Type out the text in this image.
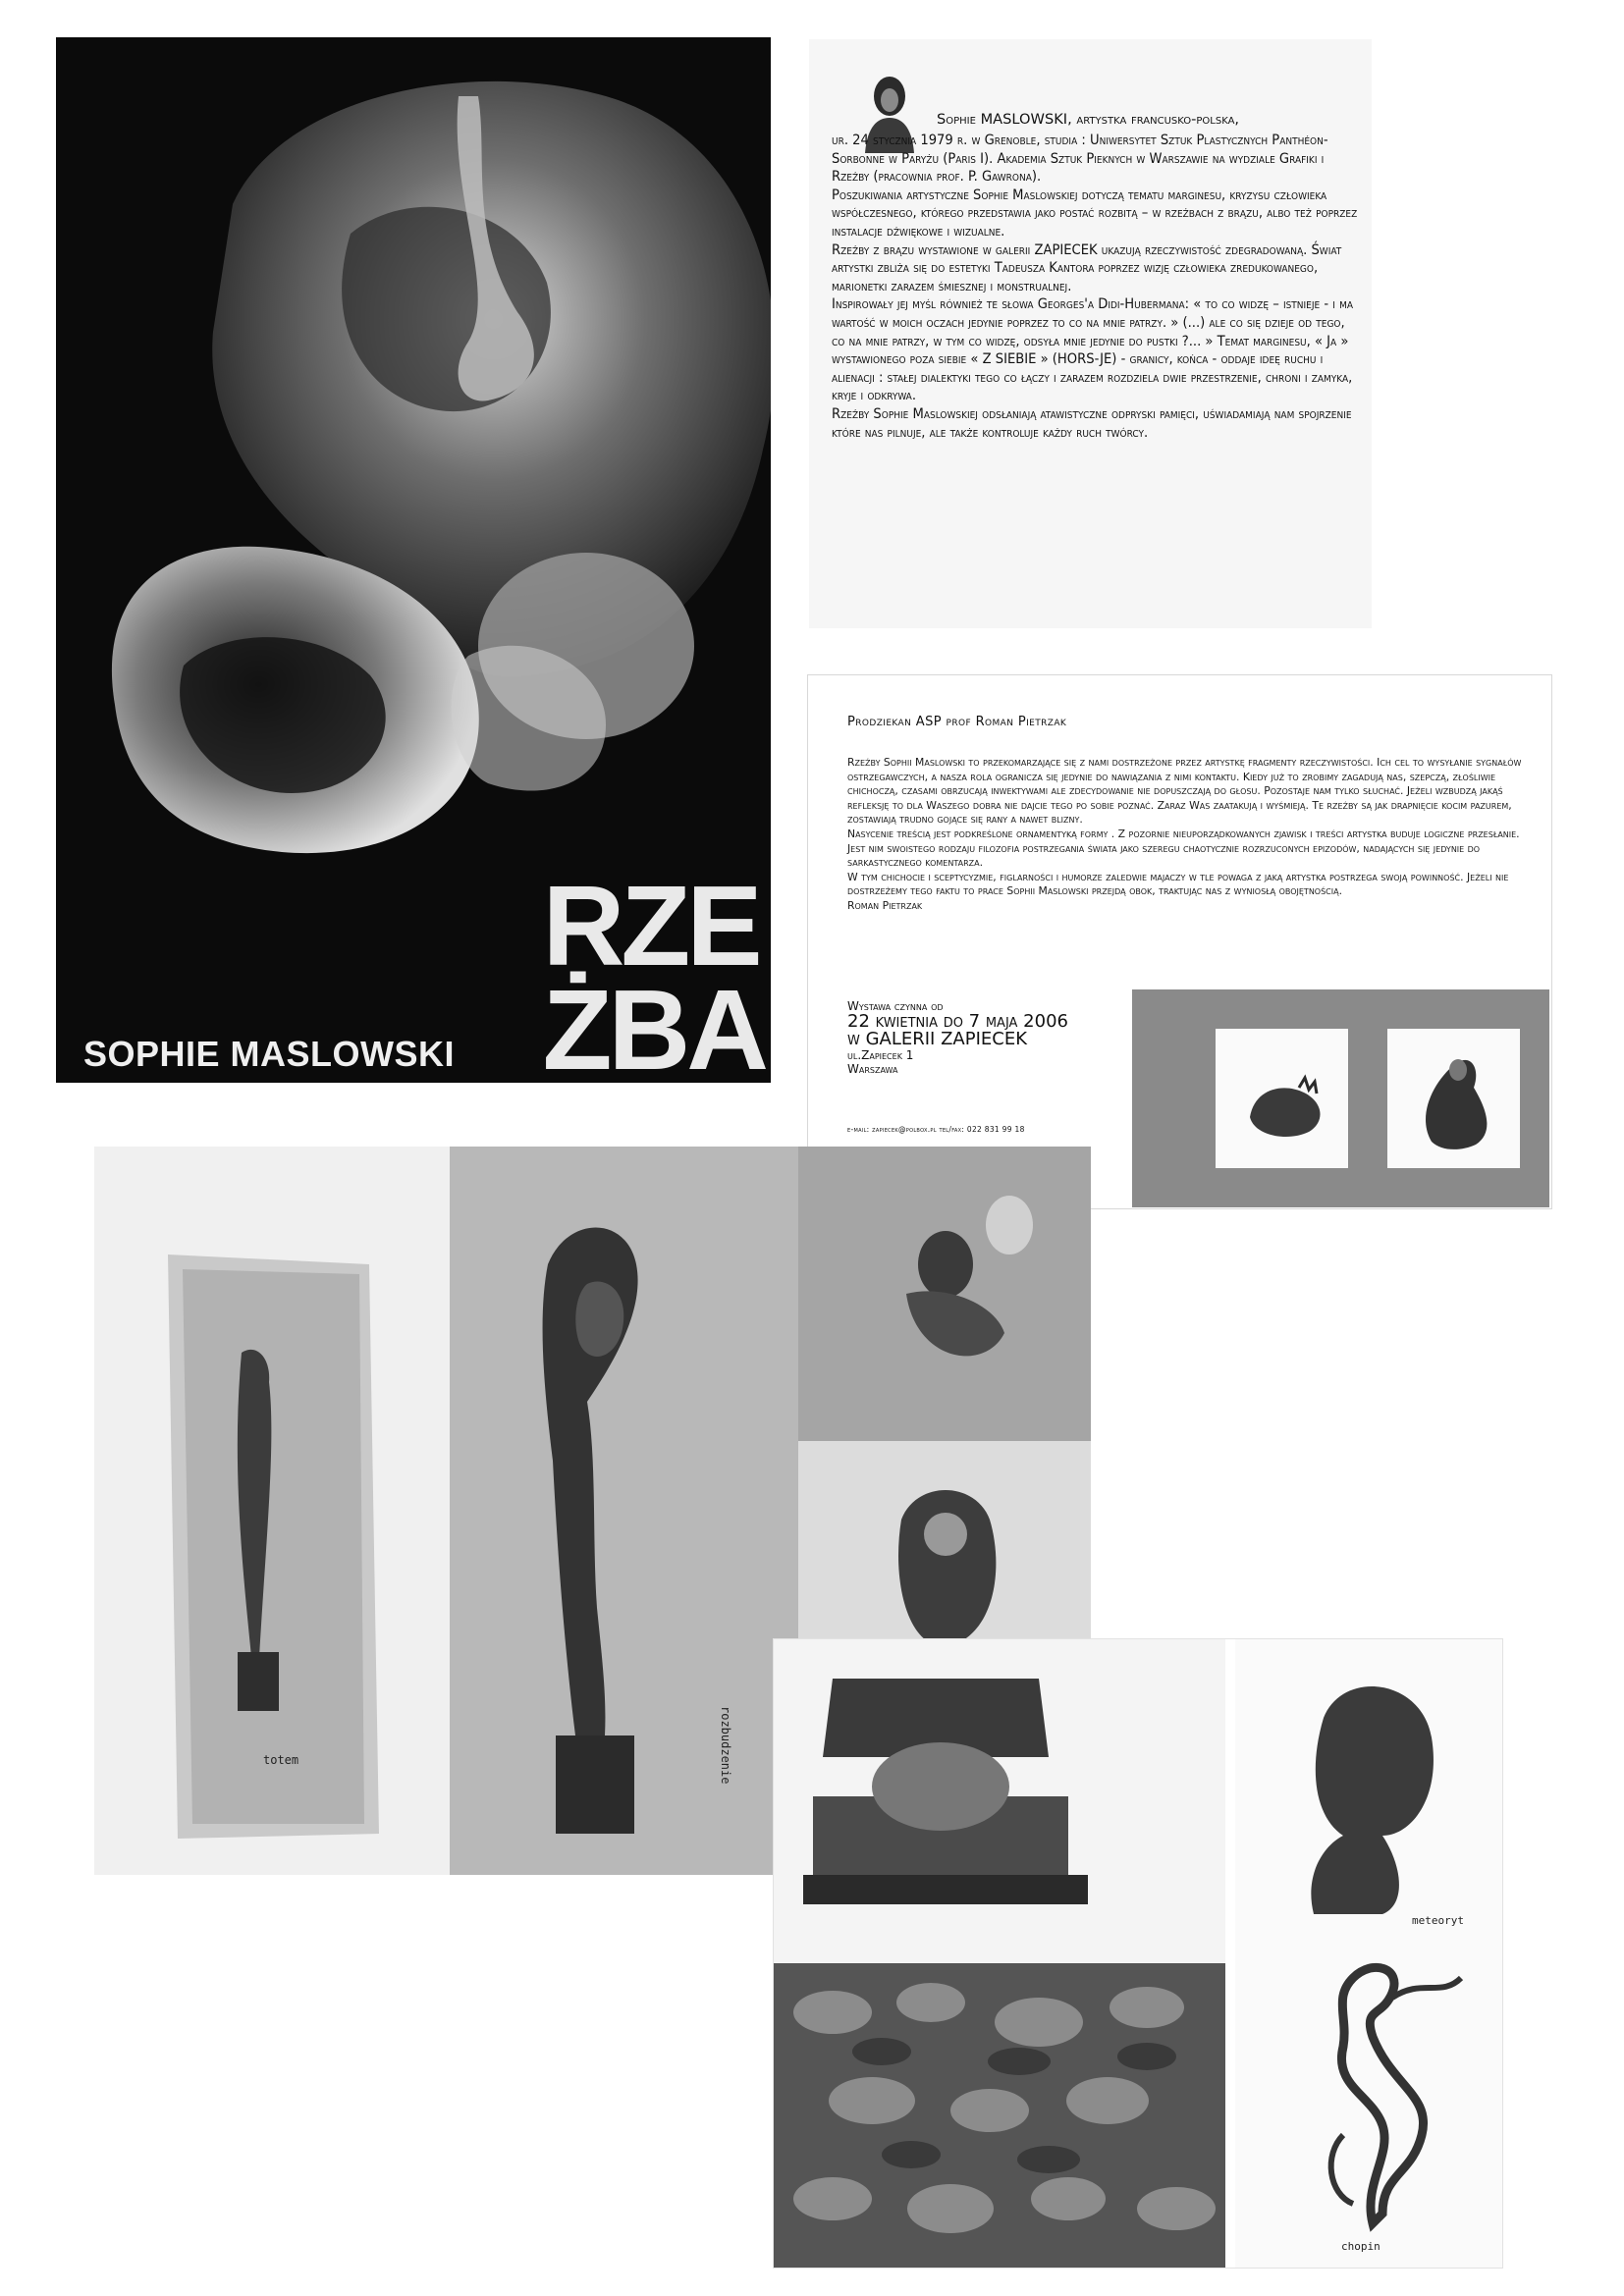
RZE
ŻBA
SOPHIE MASLOWSKI
Sophie MASLOWSKI, artystka francusko-polska,

ur. 24 stycznia 1979 r. w Grenoble, studia : Uniwersytet Sztuk Plastycznych Panthéon-Sorbonne w Paryżu (Paris I). Akademia Sztuk Pieknych w Warszawie na wydziale Grafiki i Rzeźby (pracownia prof. P. Gawrona).

Poszukiwania artystyczne Sophie Maslowskiej dotyczą tematu marginesu, kryzysu człowieka współczesnego, którego przedstawia jako postać rozbitą – w rzeźbach z brązu, albo też poprzez instalacje dźwiękowe i wizualne.

Rzeźby z brązu wystawione w galerii ZAPIECEK ukazują rzeczywistość zdegradowaną. Świat artystki zbliża się do estetyki Tadeusza Kantora poprzez wizję człowieka zredukowanego, marionetki zarazem śmiesznej i monstrualnej.

Inspirowały jej myśl również te słowa Georges'a Didi-Hubermana: « to co widzę – istnieje - i ma wartość w moich oczach jedynie poprzez to co na mnie patrzy. » (...) ale co się dzieje od tego, co na mnie patrzy, w tym co widzę, odsyła mnie jedynie do pustki ?... » Temat marginesu, « Ja » wystawionego poza siebie « Z SIEBIE » (HORS-JE) - granicy, końca - oddaje ideę ruchu i alienacji : stałej dialektyki tego co łączy i zarazem rozdziela dwie przestrzenie, chroni i zamyka, kryje i odkrywa.

Rzeźby Sophie Maslowskiej odsłaniają atawistyczne odpryski pamięci, uświadamiają nam spojrzenie które nas pilnuje, ale także kontroluje każdy ruch twórcy.

Prodziekan ASP prof Roman Pietrzak

Rzeźby Sophii Maslowski to przekomarzające się z nami dostrzeżone przez artystkę fragmenty rzeczywistości. Ich cel to wysyłanie sygnałów ostrzegawczych, a nasza rola ogranicza się jedynie do nawiązania z nimi kontaktu. Kiedy już to zrobimy zagadują nas, szepczą, złośliwie chichoczą, czasami obrzucają inwektywami ale zdecydowanie nie dopuszczają do głosu. Pozostaje nam tylko słuchać. Jeżeli wzbudzą jakąś refleksję to dla Waszego dobra nie dajcie tego po sobie poznać. Zaraz Was zaatakują i wyśmieją. Te rzeźby są jak drapnięcie kocim pazurem, zostawiają trudno gojące się rany a nawet blizny.

Nasycenie treścią jest podkreślone ornamentyką formy . Z pozornie nieuporządkowanych zjawisk i treści artystka buduje logiczne przesłanie. Jest nim swoistego rodzaju filozofia postrzegania świata jako szeregu chaotycznie rozrzuconych epizodów, nadających się jedynie do sarkastycznego komentarza.

W tym chichocie i sceptycyzmie, figlarności i humorze zaledwie majaczy w tle powaga z jaką artystka postrzega swoją powinność. Jeżeli nie dostrzeżemy tego faktu to prace Sophii Maslowski przejdą obok, traktując nas z wyniosłą obojętnością.

Roman Pietrzak

Wystawa czynna od
22 kwietnia do 7 maja 2006
w GALERII ZAPIECEK
ul.Zapiecek 1
Warszawa
e-mail: zapiecek@polbox.pl tel/fax: 022 831 99 18
totem	rozbudzenie
meteoryt
chopin
